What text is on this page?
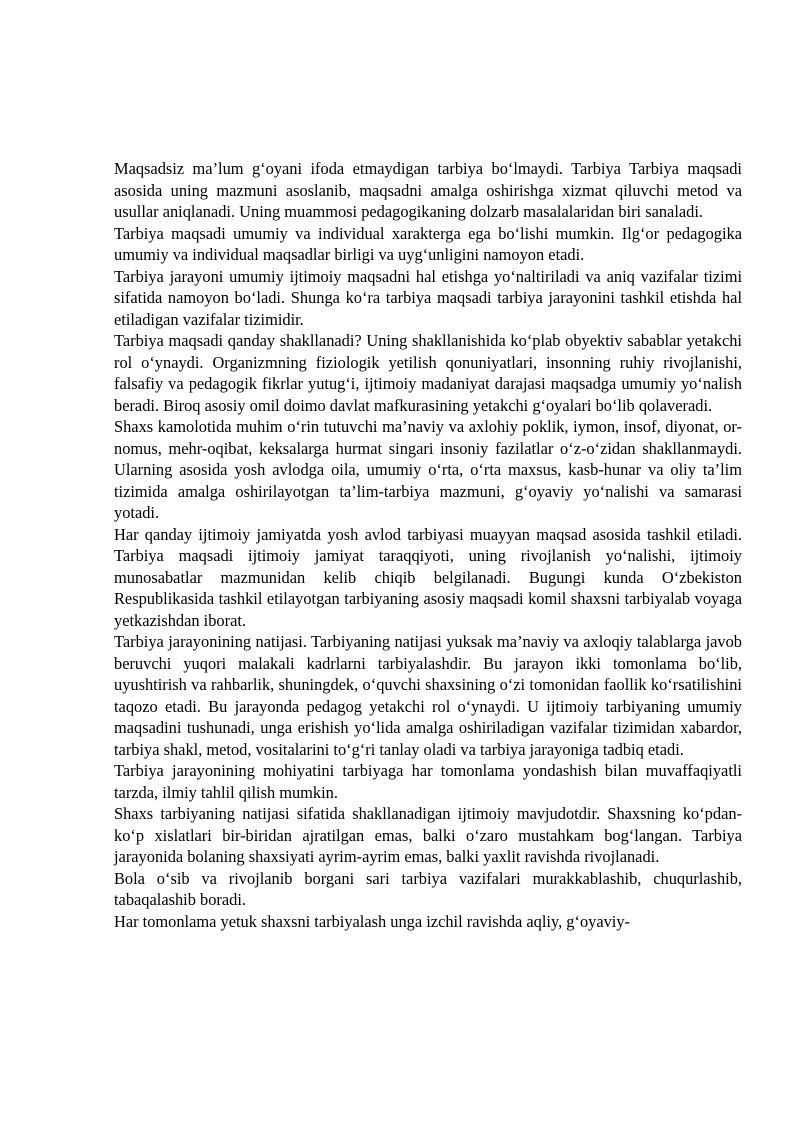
Maqsadsiz ma’lum g‘oyani ifoda etmaydigan tarbiya bo‘lmaydi. Tarbiya Tarbiya maqsadi asosida uning mazmuni asoslanib, maqsadni amalga oshirishga xizmat qiluvchi metod va usullar aniqlanadi. Uning muammosi pedagogikaning dolzarb masalalaridan biri sanaladi.

Tarbiya maqsadi umumiy va individual xarakterga ega bo‘lishi mumkin. Ilg‘or pedagogika umumiy va individual maqsadlar birligi va uyg‘unligini namoyon etadi.

Tarbiya jarayoni umumiy ijtimoiy maqsadni hal etishga yo‘naltiriladi va aniq vazifalar tizimi sifatida namoyon bo‘ladi. Shunga ko‘ra tarbiya maqsadi tarbiya jarayonini tashkil etishda hal etiladigan vazifalar tizimidir.

Tarbiya maqsadi qanday shakllanadi? Uning shakllanishida ko‘plab obyektiv sabablar yetakchi rol o‘ynaydi. Organizmning fiziologik yetilish qonuniyatlari, insonning ruhiy rivojlanishi, falsafiy va pedagogik fikrlar yutug‘i, ijtimoiy madaniyat darajasi maqsadga umumiy yo‘nalish beradi. Biroq asosiy omil doimo davlat mafkurasining yetakchi g‘oyalari bo‘lib qolaveradi.

Shaxs kamolotida muhim o‘rin tutuvchi ma’naviy va axlohiy poklik, iymon, insof, diyonat, or-nomus, mehr-oqibat, keksalarga hurmat singari insoniy fazilatlar o‘z-o‘zidan shakllanmaydi. Ularning asosida yosh avlodga oila, umumiy o‘rta, o‘rta maxsus, kasb-hunar va oliy ta’lim tizimida amalga oshirilayotgan ta’lim-tarbiya mazmuni, g‘oyaviy yo‘nalishi va samarasi yotadi.

Har qanday ijtimoiy jamiyatda yosh avlod tarbiyasi muayyan maqsad asosida tashkil etiladi. Tarbiya maqsadi ijtimoiy jamiyat taraqqiyoti, uning rivojlanish yo‘nalishi, ijtimoiy munosabatlar mazmunidan kelib chiqib belgilanadi. Bugungi kunda O‘zbekiston Respublikasida tashkil etilayotgan tarbiyaning asosiy maqsadi komil shaxsni tarbiyalab voyaga yetkazishdan iborat.

Tarbiya jarayonining natijasi. Tarbiyaning natijasi yuksak ma’naviy va axloqiy talablarga javob beruvchi yuqori malakali kadrlarni tarbiyalashdir. Bu jarayon ikki tomonlama bo‘lib, uyushtirish va rahbarlik, shuningdek, o‘quvchi shaxsining o‘zi tomonidan faollik ko‘rsatilishini taqozo etadi. Bu jarayonda pedagog yetakchi rol o‘ynaydi. U ijtimoiy tarbiyaning umumiy maqsadini tushunadi, unga erishish yo‘lida amalga oshiriladigan vazifalar tizimidan xabardor, tarbiya shakl, metod, vositalarini to‘g‘ri tanlay oladi va tarbiya jarayoniga tadbiq etadi.

Tarbiya jarayonining mohiyatini tarbiyaga har tomonlama yondashish bilan muvaffaqiyatli tarzda, ilmiy tahlil qilish mumkin.

Shaxs tarbiyaning natijasi sifatida shakllanadigan ijtimoiy mavjudotdir. Shaxsning ko‘pdan-ko‘p xislatlari bir-biridan ajratilgan emas, balki o‘zaro mustahkam bog‘langan. Tarbiya jarayonida bolaning shaxsiyati ayrim-ayrim emas, balki yaxlit ravishda rivojlanadi.

Bola o‘sib va rivojlanib borgani sari tarbiya vazifalari murakkablashib, chuqurlashib, tabaqalashib boradi.

Har tomonlama yetuk shaxsni tarbiyalash unga izchil ravishda aqliy, g‘oyaviy-
